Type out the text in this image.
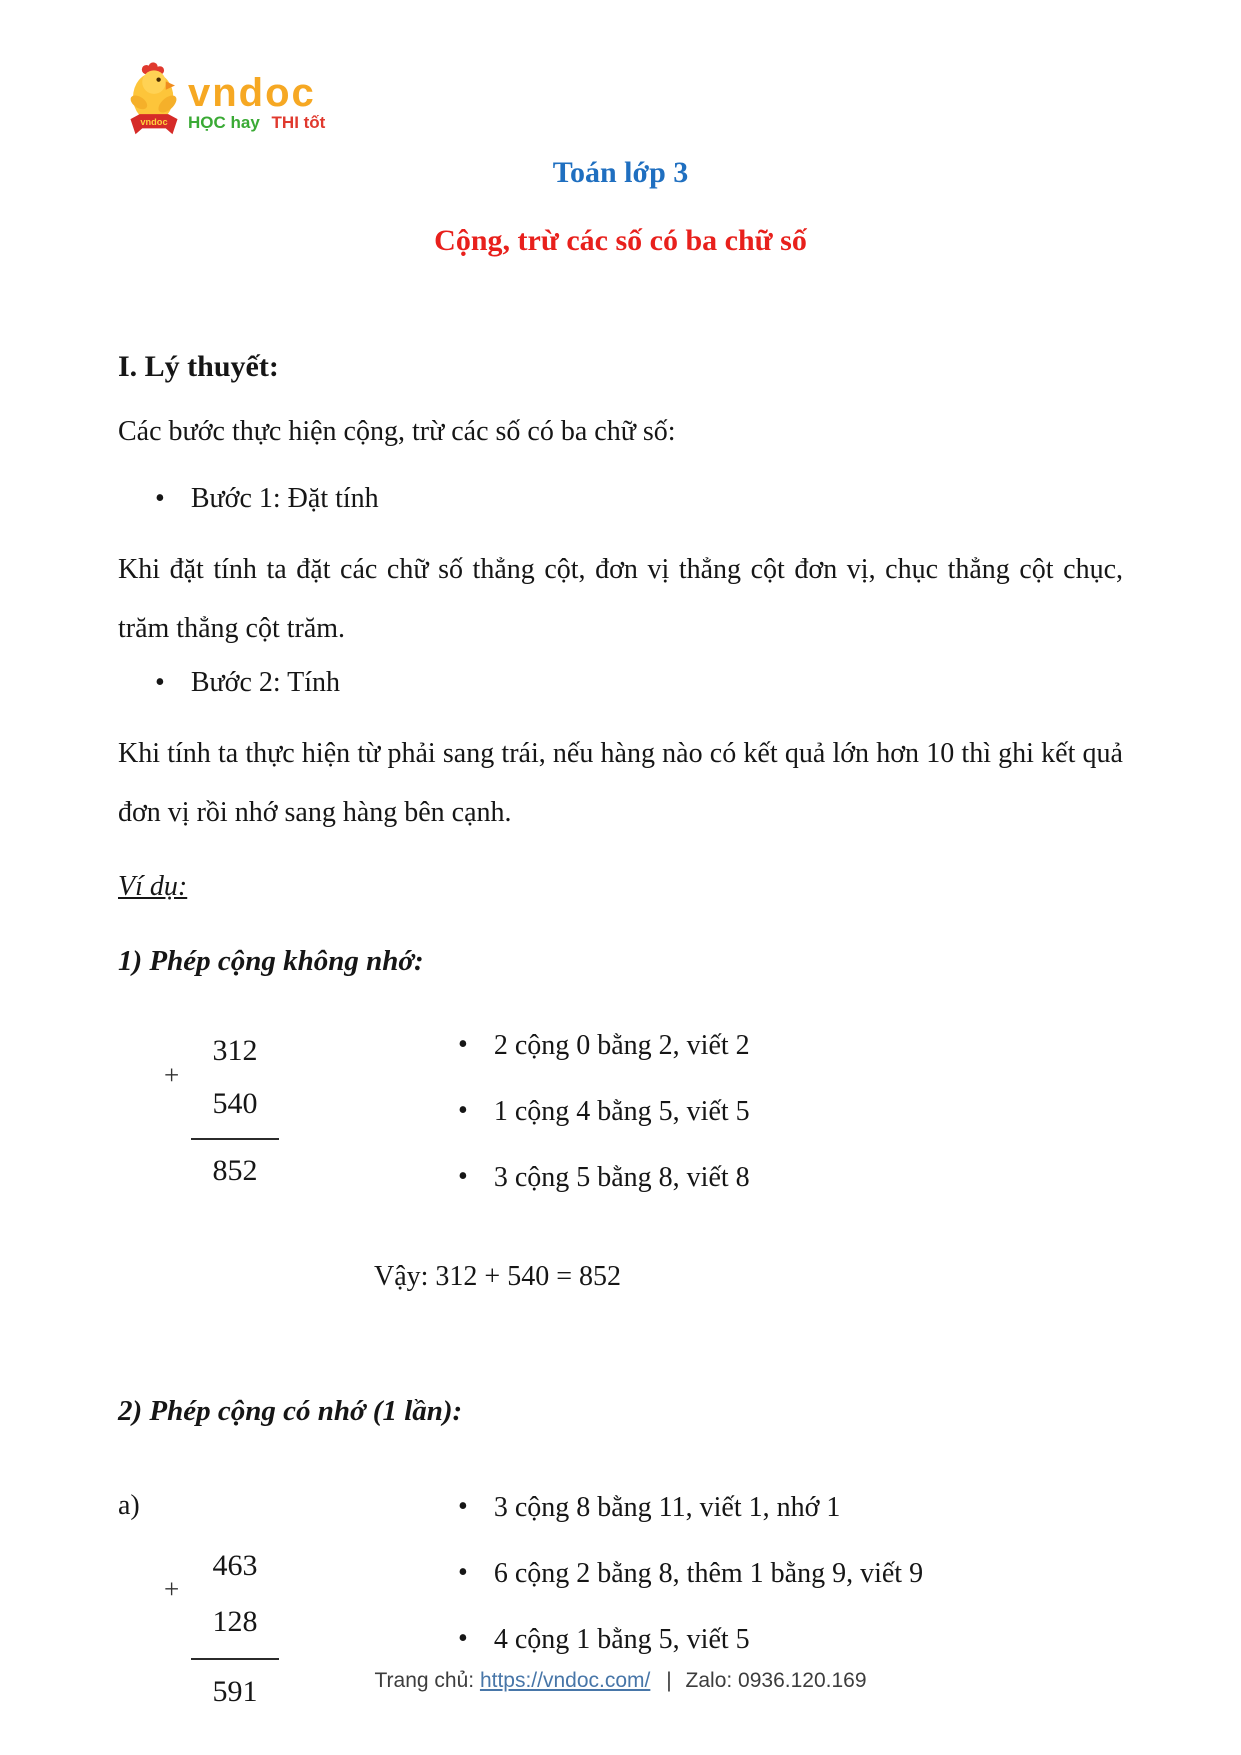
vndoc
vndoc
HỌC hay THI tốt
Toán lớp 3
Cộng, trừ các số có ba chữ số
I. Lý thuyết:

Các bước thực hiện cộng, trừ các số có ba chữ số:

• Bước 1: Đặt tính

Khi đặt tính ta đặt các chữ số thẳng cột, đơn vị thẳng cột đơn vị, chục thẳng cột chục, trăm thẳng cột trăm.

• Bước 2: Tính

Khi tính ta thực hiện từ phải sang trái, nếu hàng nào có kết quả lớn hơn 10 thì ghi kết quả đơn vị rồi nhớ sang hàng bên cạnh.

Ví dụ:
1) Phép cộng không nhớ:
+
312
540
852
• 2 cộng 0 bằng 2, viết 2
• 1 cộng 4 bằng 5, viết 5
• 3 cộng 5 bằng 8, viết 8
Vậy: 312 + 540 = 852
2) Phép cộng có nhớ (1 lần):
a)
+
463
128
591
• 3 cộng 8 bằng 11, viết 1, nhớ 1
• 6 cộng 2 bằng 8, thêm 1 bằng 9, viết 9
• 4 cộng 1 bằng 5, viết 5
Trang chủ: https://vndoc.com/ | Zalo: 0936.120.169
